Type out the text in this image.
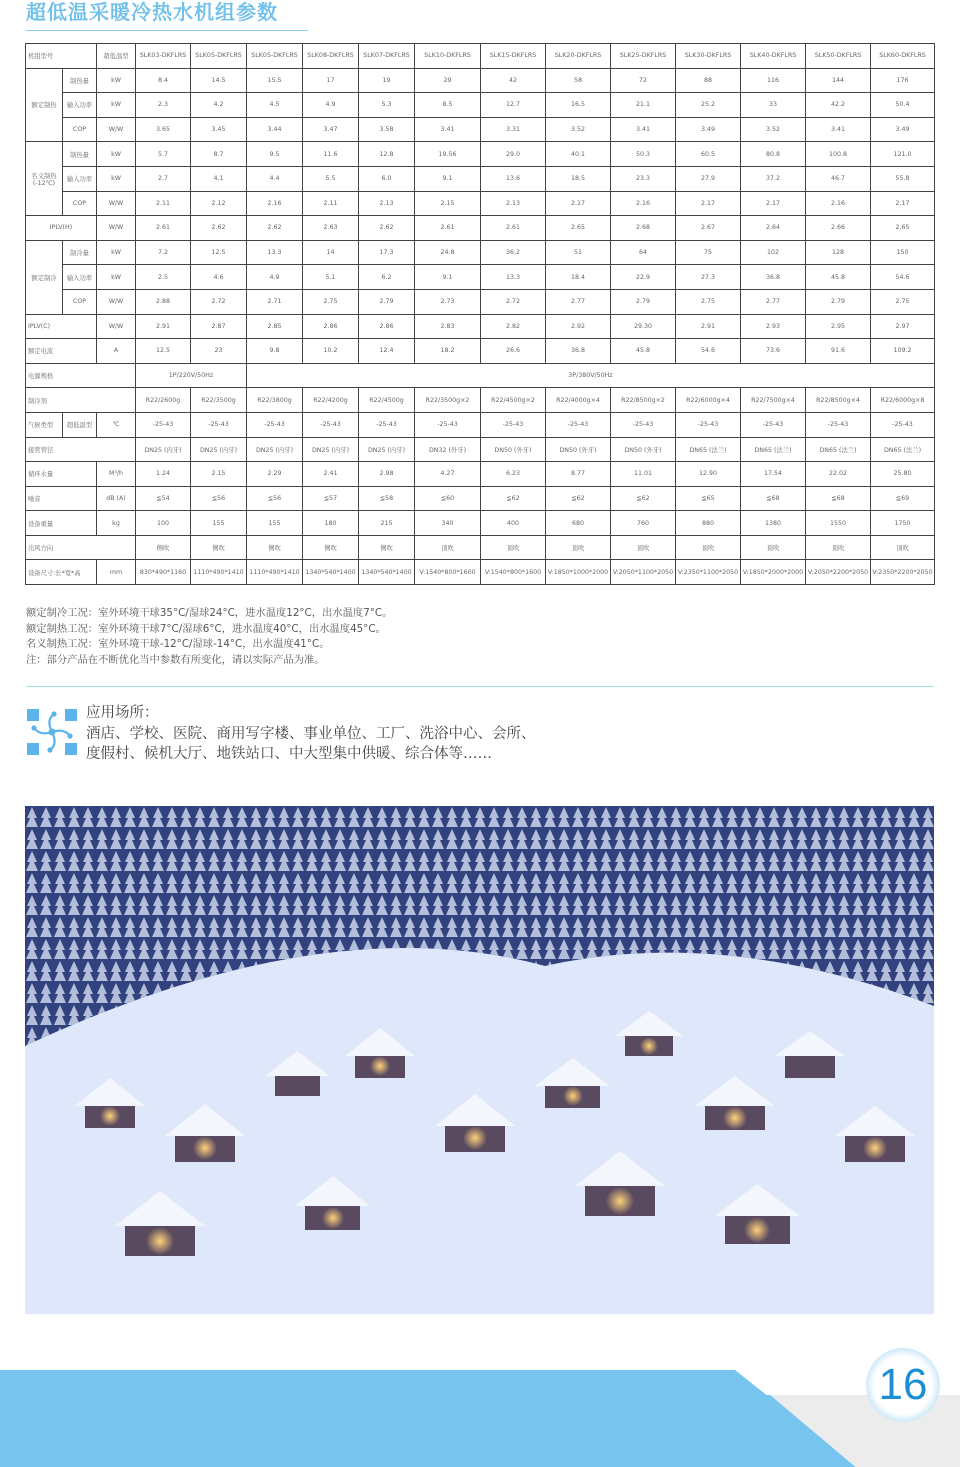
超低温采暖冷热水机组参数
机组型号		超低温型	SLK03-DKFLRS	SLK05-DKFLRS	SLK05-DKFLRS	SLK08-DKFLRS	SLK07-DKFLRS	SLK10-DKFLRS	SLK15-DKFLRS	SLK20-DKFLRS	SLK25-DKFLRS	SLK30-DKFLRS	SLK40-DKFLRS	SLK50-DKFLRS	SLK60-DKFLRS

额定制热	制热量	kW	8.4	14.5	15.5	17	19	29	42	58	72	88	116	144	176
	输入功率	kW	2.3	4.2	4.5	4.9	5.3	8.5	12.7	16.5	21.1	25.2	33	42.2	50.4
	COP	W/W	3.65	3.45	3.44	3.47	3.58	3.41	3.31	3.52	3.41	3.49	3.52	3.41	3.49

名义制热
(-12℃)	制热量	kW	5.7	8.7	9.5	11.6	12.8	19.56	29.0	40.1	50.3	60.5	80.8	100.8	121.0
	输入功率	kW	2.7	4.1	4.4	5.5	6.0	9.1	13.6	18.5	23.3	27.9	37.2	46.7	55.8
	COP	W/W	2.11	2.12	2.16	2.11	2.13	2.15	2.13	2.17	2.16	2.17	2.17	2.16	2.17
IPLV(H)		W/W	2.61	2.62	2.62	2.63	2.62	2.61	2.61	2.65	2.68	2.67	2.64	2.66	2.65
额定制冷	制冷量	kW	7.2	12.5	13.3	14	17.3	24.8	36.2	51	64	75	102	128	150
	输入功率	kW	2.5	4.6	4.9	5.1	6.2	9.1	13.3	18.4	22.9	27.3	36.8	45.8	54.6
	COP	W/W	2.88	2.72	2.71	2.75	2.79	2.73	2.72	2.77	2.79	2.75	2.77	2.79	2.75
IPLV(C)		W/W	2.91	2.87	2.85	2.86	2.86	2.83	2.82	2.92	29.30	2.91	2.93	2.95	2.97
额定电流		A	12.5	23	9.8	10.2	12.4	18.2	26.6	36.8	45.8	54.6	73.6	91.6	109.2
电源规格			1P/220V/50Hz		3P/380V/50Hz										
制冷剂			R22/2600g	R22/3500g	R22/3800g	R22/4200g	R22/4500g	R22/3500g×2	R22/4500g×2	R22/4000g×4	R22/8500g×2	R22/6000g×4	R22/7500g×4	R22/8500g×4	R22/6000g×8
气候类型	超低温型	℃	-25-43	-25-43	-25-43	-25-43	-25-43	-25-43	-25-43	-25-43	-25-43	-25-43	-25-43	-25-43	-25-43
接管管径			DN25 (内牙)	DN25 (内牙)	DN25 (内牙)	DN25 (内牙)	DN25 (内牙)	DN32 (外牙)	DN50 (外牙)	DN50 (外牙)	DN50 (外牙)	DN65 (法兰)	DN65 (法兰)	DN65 (法兰)	DN65 (法兰)
循环水量		M³/h	1.24	2.15	2.29	2.41	2.98	4.27	6.23	8.77	11.01	12.90	17.54	22.02	25.80
噪音		dB (A)	≦54	≦56	≦56	≦57	≦58	≦60	≦62	≦62	≦62	≦65	≦68	≦68	≦69
设备重量		kg	100	155	155	180	215	340	400	680	760	880	1380	1550	1750
出风方向			侧吹	侧吹	侧吹	侧吹	侧吹	顶吹	顶吹	顶吹	顶吹	顶吹	顶吹	顶吹	顶吹
设备尺寸:长*宽*高		mm	830*490*1160	1110*490*1410	1110*490*1410	1340*540*1400	1340*540*1400	V:1540*800*1600	V:1540*800*1600	V:1850*1000*2000	V:2050*1100*2050	V:2350*1100*2050	V:1850*2000*2000	V:2050*2200*2050	V:2350*2200*2050
额定制冷工况：室外环境干球35°C/湿球24°C，进水温度12°C，出水温度7°C。
额定制热工况：室外环境干球7°C/湿球6°C，进水温度40°C，出水温度45°C。
名义制热工况：室外环境干球-12°C/湿球-14°C，出水温度41°C。
注：部分产品在不断优化当中参数有所变化，请以实际产品为准。
应用场所：
酒店、学校、医院、商用写字楼、事业单位、工厂、洗浴中心、会所、
度假村、候机大厅、地铁站口、中大型集中供暖、综合体等……
16
